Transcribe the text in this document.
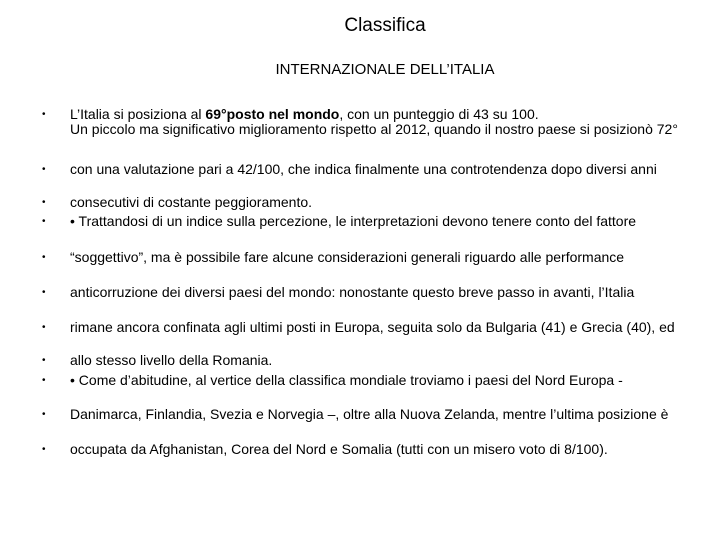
Classifica
INTERNAZIONALE DELL’ITALIA
• L’Italia si posiziona al 69°posto nel mondo, con un punteggio di 43 su 100.
Un piccolo ma significativo miglioramento rispetto al 2012, quando il nostro paese si posizionò 72°
• con una valutazione pari a 42/100, che indica finalmente una controtendenza dopo diversi anni
• consecutivi di costante peggioramento.
• • Trattandosi di un indice sulla percezione, le interpretazioni devono tenere conto del fattore
• “soggettivo”, ma è possibile fare alcune considerazioni generali riguardo alle performance
• anticorruzione dei diversi paesi del mondo: nonostante questo breve passo in avanti, l’Italia
• rimane ancora confinata agli ultimi posti in Europa, seguita solo da Bulgaria (41) e Grecia (40), ed
• allo stesso livello della Romania.
• • Come d’abitudine, al vertice della classifica mondiale troviamo i paesi del Nord Europa -
• Danimarca, Finlandia, Svezia e Norvegia –, oltre alla Nuova Zelanda, mentre l’ultima posizione è
• occupata da Afghanistan, Corea del Nord e Somalia (tutti con un misero voto di 8/100).
